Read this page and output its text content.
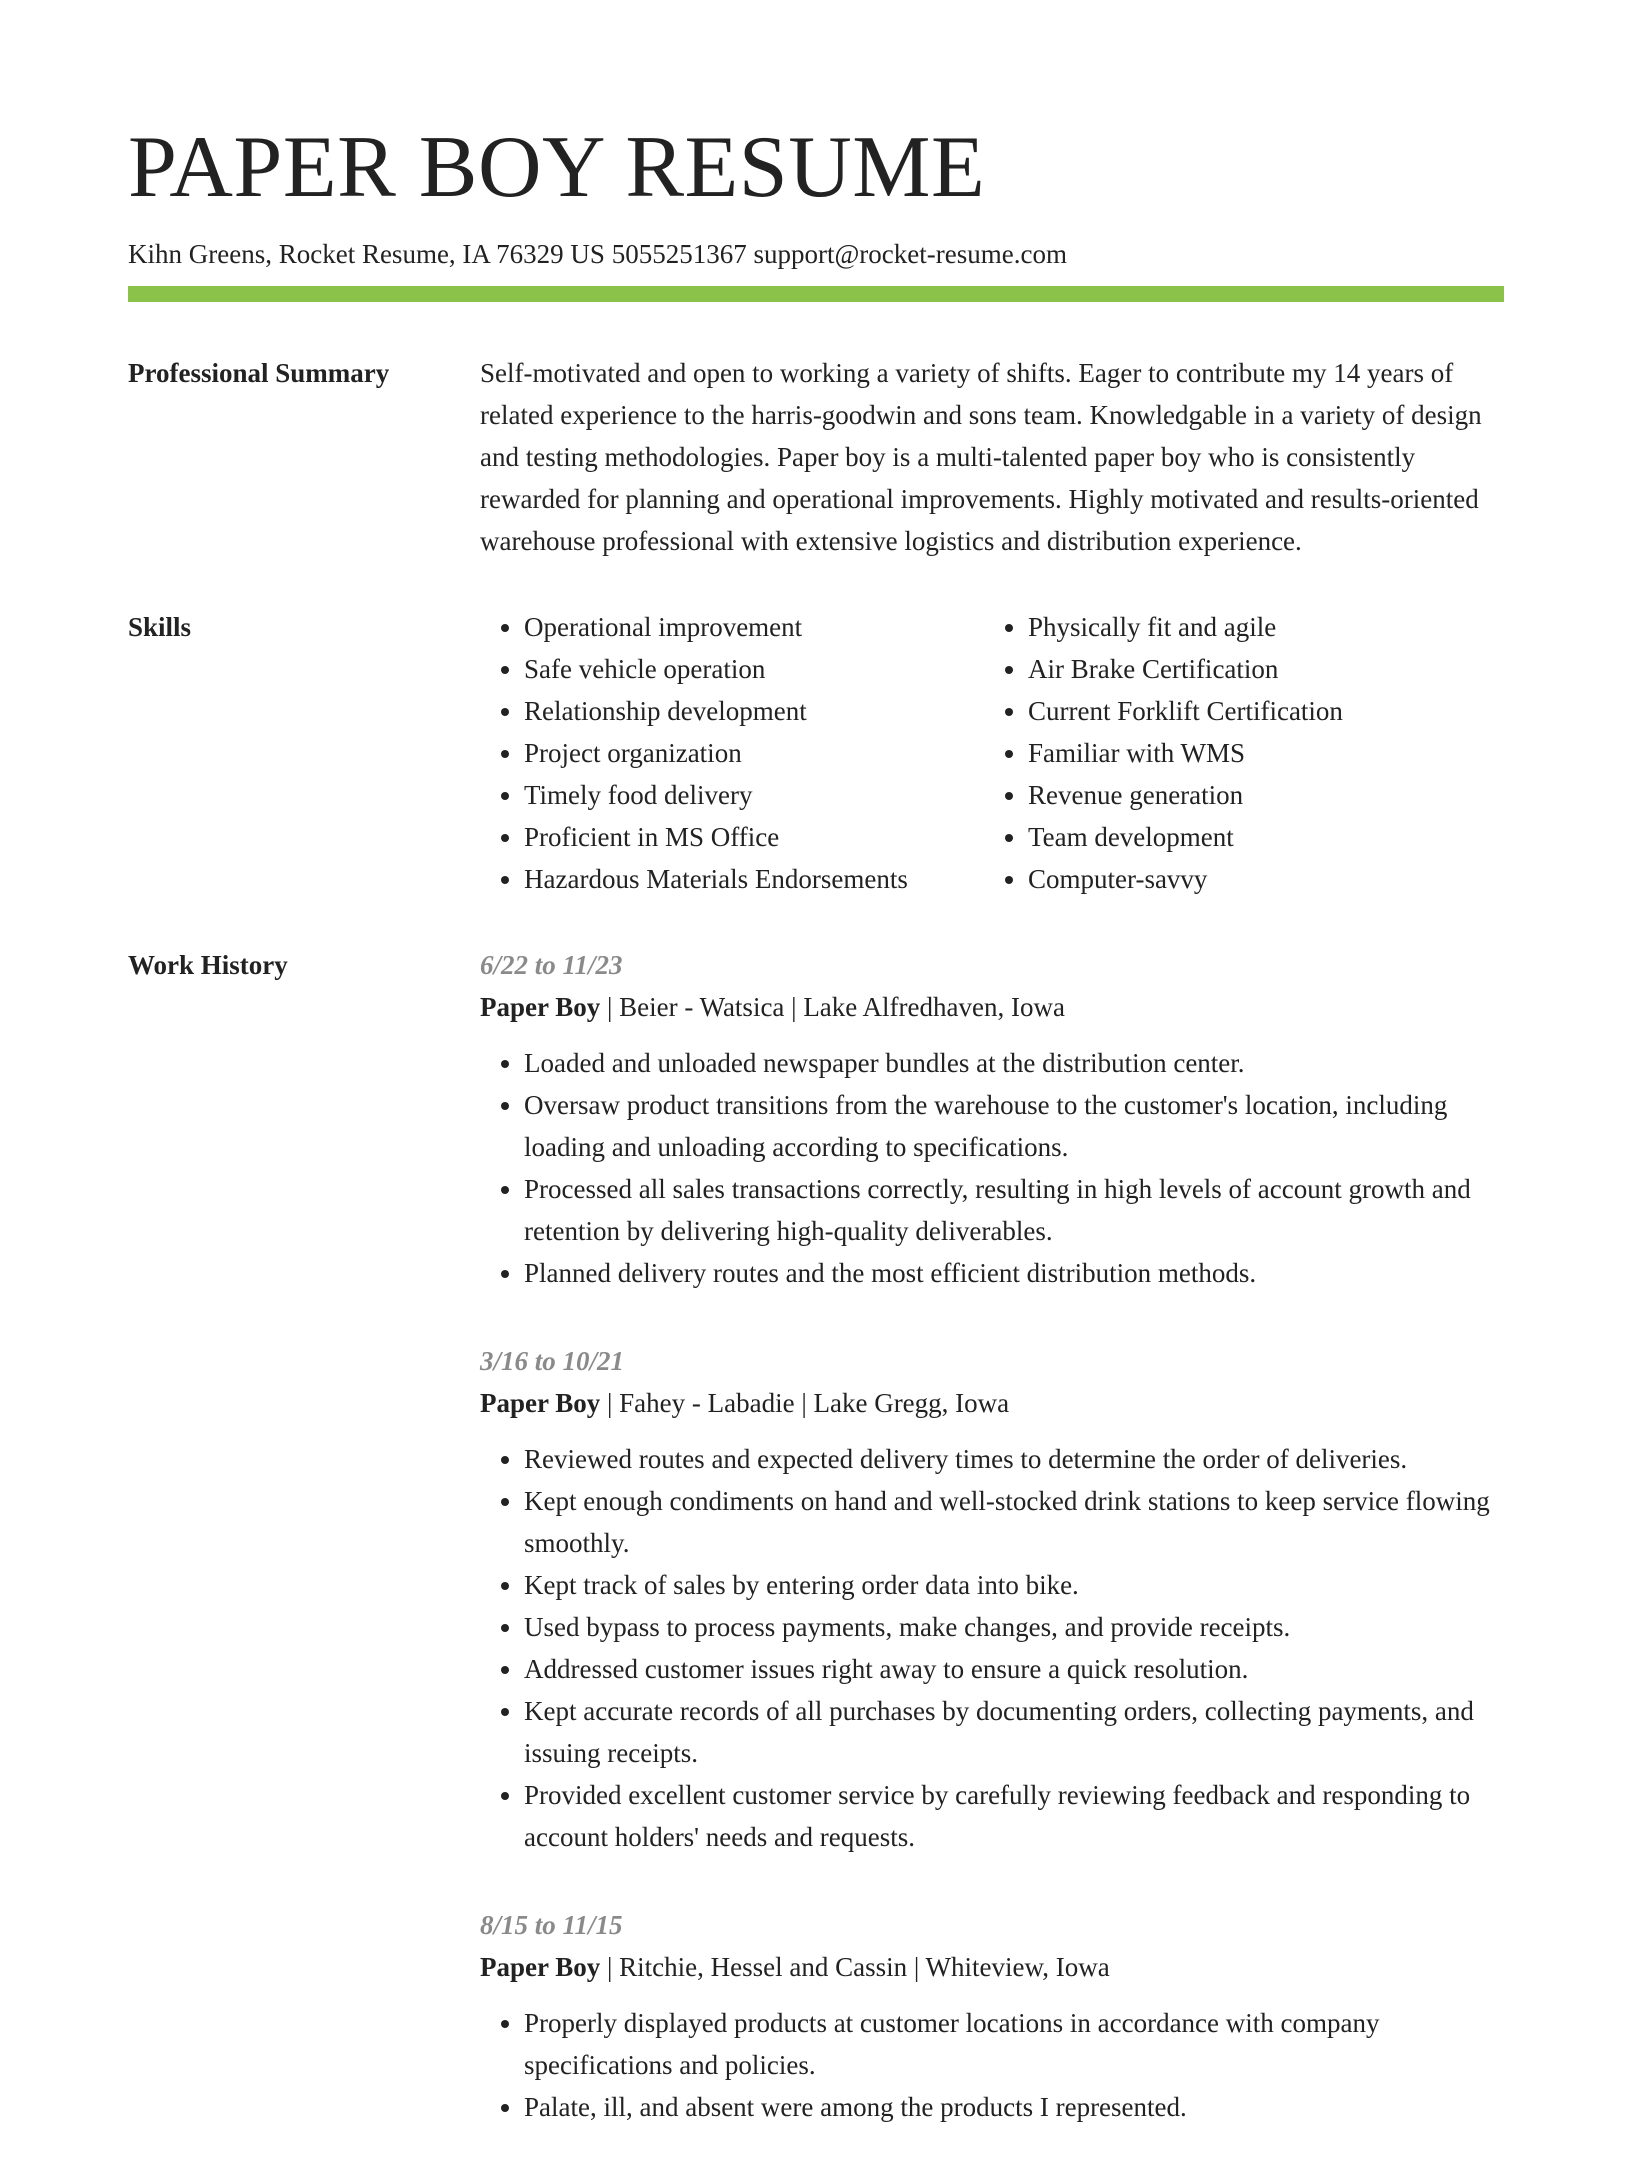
PAPER BOY RESUME
Kihn Greens, Rocket Resume, IA 76329 US 5055251367 support@rocket-resume.com
Professional Summary	Self-motivated and open to working a variety of shifts. Eager to contribute my 14 years of related experience to the harris-goodwin and sons team. Knowledgable in a variety of design and testing methodologies. Paper boy is a multi-talented paper boy who is consistently rewarded for planning and operational improvements. Highly motivated and results-oriented warehouse professional with extensive logistics and distribution experience.

Skills
•	Operational improvement
• Safe vehicle operation
• Relationship development
• Project organization
• Timely food delivery
• Proficient in MS Office
• Hazardous Materials Endorsements
• Physically fit and agile
• Air Brake Certification
• Current Forklift Certification
• Familiar with WMS
• Revenue generation
• Team development
• Computer-savvy
Work History	6/22 to 11/23
Paper Boy | Beier - Watsica | Lake Alfredhaven, Iowa
• Loaded and unloaded newspaper bundles at the distribution center.
• Oversaw product transitions from the warehouse to the customer's location, including loading and unloading according to specifications.
• Processed all sales transactions correctly, resulting in high levels of account growth and retention by delivering high-quality deliverables.
• Planned delivery routes and the most efficient distribution methods.
3/16 to 10/21
Paper Boy | Fahey - Labadie | Lake Gregg, Iowa
• Reviewed routes and expected delivery times to determine the order of deliveries.
• Kept enough condiments on hand and well-stocked drink stations to keep service flowing smoothly.
• Kept track of sales by entering order data into bike.
• Used bypass to process payments, make changes, and provide receipts.
• Addressed customer issues right away to ensure a quick resolution.
• Kept accurate records of all purchases by documenting orders, collecting payments, and issuing receipts.
• Provided excellent customer service by carefully reviewing feedback and responding to account holders' needs and requests.
8/15 to 11/15
Paper Boy | Ritchie, Hessel and Cassin | Whiteview, Iowa
• Properly displayed products at customer locations in accordance with company specifications and policies.
• Palate, ill, and absent were among the products I represented.
